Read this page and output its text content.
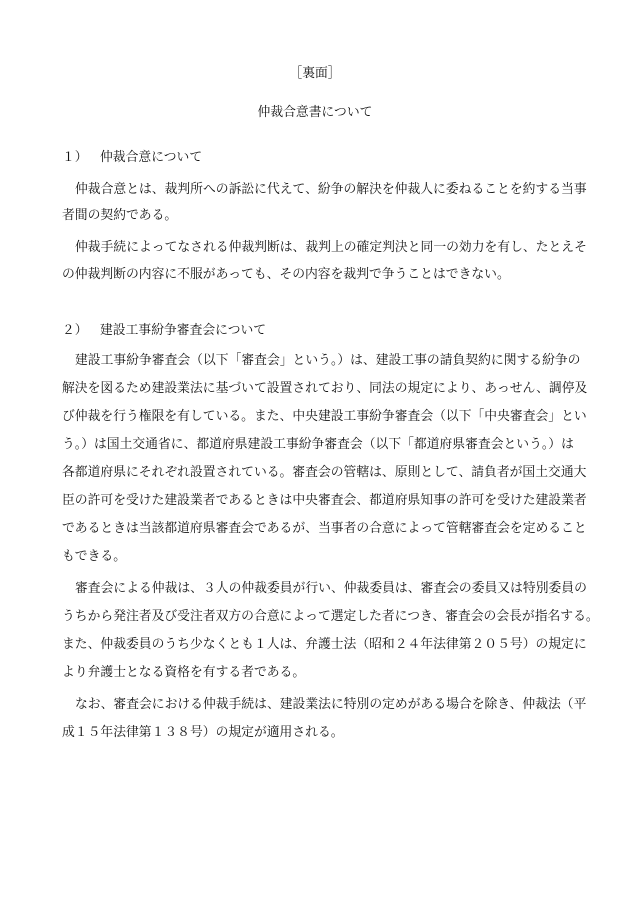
［裏面］
仲裁合意書について
１） 仲裁合意について
仲裁合意とは、裁判所への訴訟に代えて、紛争の解決を仲裁人に委ねることを約する当事
者間の契約である。
仲裁手続によってなされる仲裁判断は、裁判上の確定判決と同一の効力を有し、たとえそ
の仲裁判断の内容に不服があっても、その内容を裁判で争うことはできない。
２） 建設工事紛争審査会について
建設工事紛争審査会（以下「審査会」という。）は、建設工事の請負契約に関する紛争の
解決を図るため建設業法に基づいて設置されており、同法の規定により、あっせん、調停及
び仲裁を行う権限を有している。また、中央建設工事紛争審査会（以下「中央審査会」とい
う。）は国土交通省に、都道府県建設工事紛争審査会（以下「都道府県審査会という。）は
各都道府県にそれぞれ設置されている。審査会の管轄は、原則として、請負者が国土交通大
臣の許可を受けた建設業者であるときは中央審査会、都道府県知事の許可を受けた建設業者
であるときは当該都道府県審査会であるが、当事者の合意によって管轄審査会を定めること
もできる。
審査会による仲裁は、３人の仲裁委員が行い、仲裁委員は、審査会の委員又は特別委員の
うちから発注者及び受注者双方の合意によって選定した者につき、審査会の会長が指名する。
また、仲裁委員のうち少なくとも１人は、弁護士法（昭和２４年法律第２０５号）の規定に
より弁護士となる資格を有する者である。
なお、審査会における仲裁手続は、建設業法に特別の定めがある場合を除き、仲裁法（平
成１５年法律第１３８号）の規定が適用される。
